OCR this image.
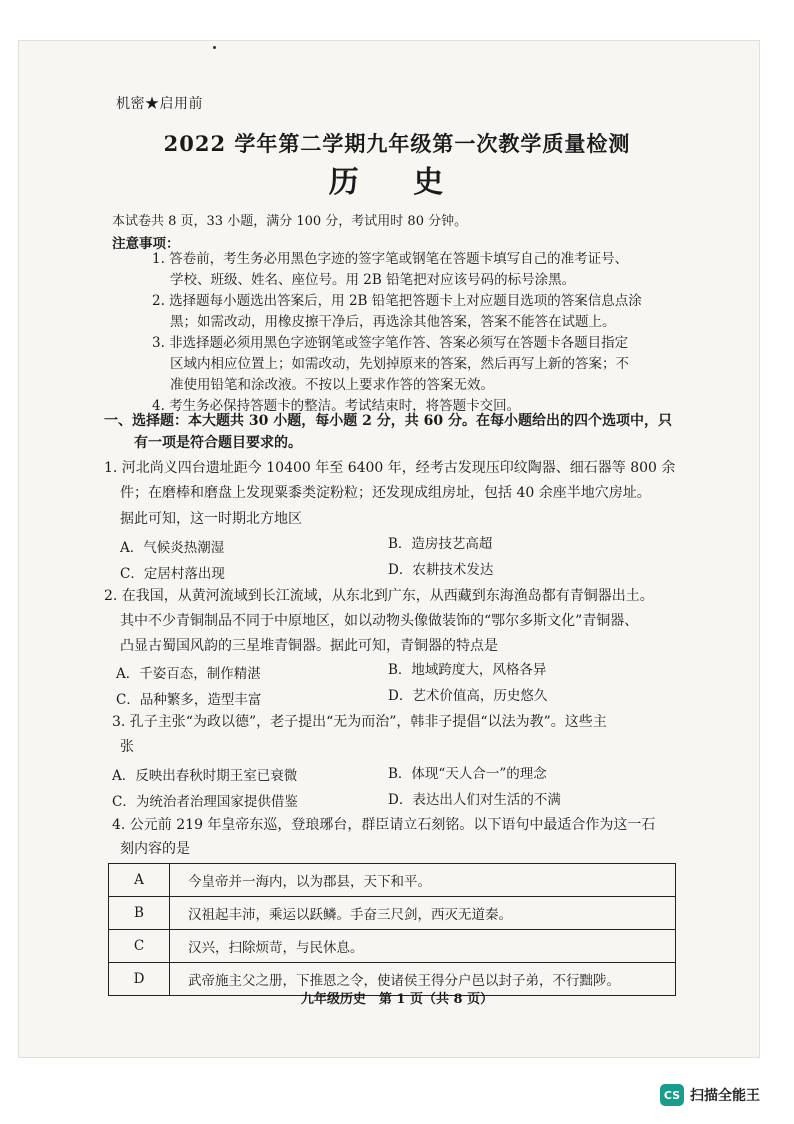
机密★启用前
2022 学年第二学期九年级第一次教学质量检测
历 史
本试卷共 8 页，33 小题，满分 100 分，考试用时 80 分钟。
注意事项：
1. 答卷前，考生务必用黑色字迹的签字笔或钢笔在答题卡填写自己的准考证号、
学校、班级、姓名、座位号。用 2B 铅笔把对应该号码的标号涂黑。
2. 选择题每小题选出答案后，用 2B 铅笔把答题卡上对应题目选项的答案信息点涂
黑；如需改动，用橡皮擦干净后，再选涂其他答案，答案不能答在试题上。
3. 非选择题必须用黑色字迹钢笔或签字笔作答、答案必须写在答题卡各题目指定
区域内相应位置上；如需改动，先划掉原来的答案，然后再写上新的答案；不
准使用铅笔和涂改液。不按以上要求作答的答案无效。
4. 考生务必保持答题卡的整洁。考试结束时，将答题卡交回。
一、选择题：本大题共 30 小题，每小题 2 分，共 60 分。在每小题给出的四个选项中，只
有一项是符合题目要求的。
1. 河北尚义四台遗址距今 10400 年至 6400 年，经考古发现压印纹陶器、细石器等 800 余
件；在磨棒和磨盘上发现粟黍类淀粉粒；还发现成组房址，包括 40 余座半地穴房址。
据此可知，这一时期北方地区
A．气候炎热潮湿	B．造房技艺高超
C．定居村落出现	D．农耕技术发达
2. 在我国，从黄河流域到长江流域，从东北到广东，从西藏到东海渔岛都有青铜器出土。
其中不少青铜制品不同于中原地区，如以动物头像做装饰的“鄂尔多斯文化”青铜器、
凸显古蜀国风韵的三星堆青铜器。据此可知，青铜器的特点是
A．千姿百态，制作精湛	B．地域跨度大，风格各异
C．品种繁多，造型丰富	D．艺术价值高，历史悠久
3. 孔子主张“为政以德”，老子提出“无为而治”，韩非子提倡“以法为教”。这些主
张
A．反映出春秋时期王室已衰微	B．体现“天人合一”的理念
C．为统治者治理国家提供借鉴	D．表达出人们对生活的不满
4. 公元前 219 年皇帝东巡，登琅琊台，群臣请立石刻铭。以下语句中最适合作为这一石
刻内容的是
A	今皇帝并一海内，以为郡县，天下和平。
B	汉祖起丰沛，乘运以跃鳞。手奋三尺剑，西灭无道秦。
C	汉兴，扫除烦苛，与民休息。
D	武帝施主父之册，下推恩之令，使诸侯王得分户邑以封子弟，不行黜陟。
九年级历史　第 1 页（共 8 页）
CS 扫描全能王
